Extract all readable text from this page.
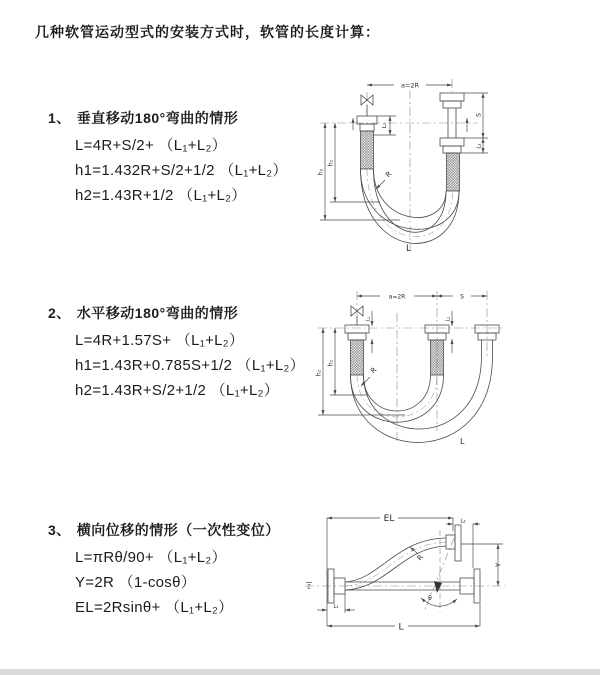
几种软管运动型式的安装方式时，软管的长度计算：
1、 垂直移动180°弯曲的情形
L=4R+S/2+ （L₁+L₂）
h1=1.432R+S/2+1/2 （L₁+L₂）
h2=1.43R+1/2 （L₁+L₂）
a=2R
L₁
S
L₂
h₁
h₂	R
L
2、 水平移动180°弯曲的情形
L=4R+1.57S+ （L₁+L₂）
h1=1.43R+0.785S+1/2 （L₁+L₂）
h2=1.43R+S/2+1/2 （L₁+L₂）
a=2R	S
L₁	L₂
h₁
h₂	R
L
3、 横向位移的情形（一次性变位）
L=πRθ/90+ （L₁+L₂）
Y=2R （1-cosθ）
EL=2Rsinθ+ （L₁+L₂）
EL	L₂
Y
R
θ
L
L₁
Z
